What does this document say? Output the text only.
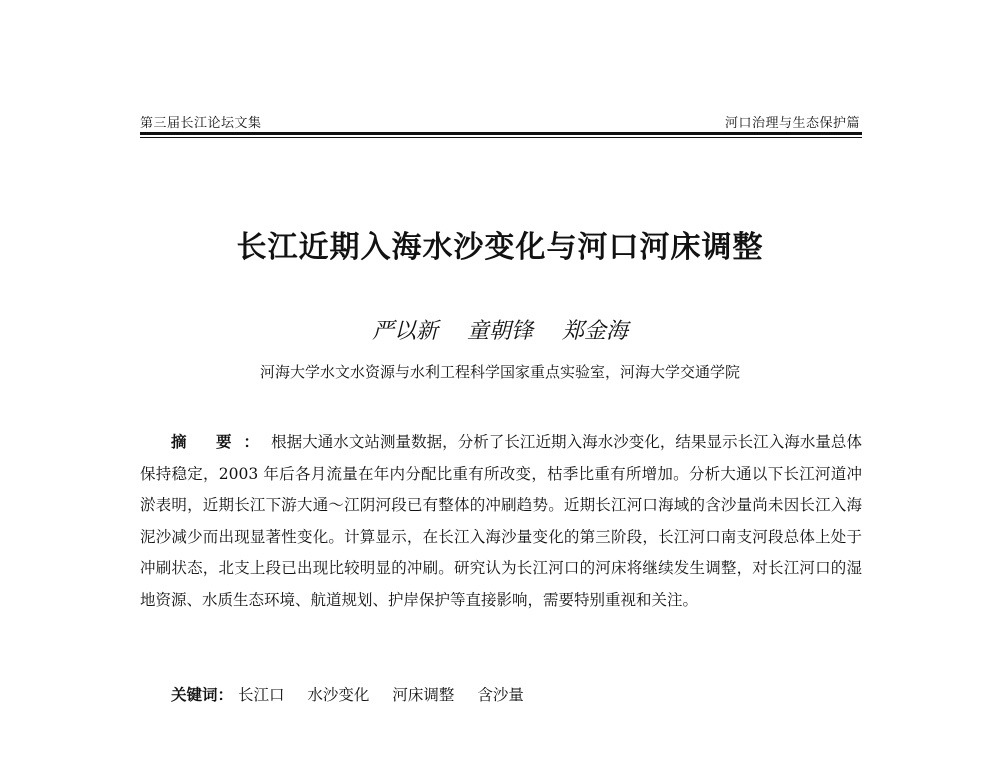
第三届长江论坛文集	河口治理与生态保护篇
长江近期入海水沙变化与河口河床调整
严以新 童朝锋 郑金海
河海大学水文水资源与水利工程科学国家重点实验室，河海大学交通学院
摘 要：根据大通水文站测量数据，分析了长江近期入海水沙变化，结果显示长江入海水量总体保持稳定，2003 年后各月流量在年内分配比重有所改变，枯季比重有所增加。分析大通以下长江河道冲淤表明，近期长江下游大通～江阴河段已有整体的冲刷趋势。近期长江河口海域的含沙量尚未因长江入海泥沙减少而出现显著性变化。计算显示，在长江入海沙量变化的第三阶段，长江河口南支河段总体上处于冲刷状态，北支上段已出现比较明显的冲刷。研究认为长江河口的河床将继续发生调整，对长江河口的湿地资源、水质生态环境、航道规划、护岸保护等直接影响，需要特别重视和关注。
关键词： 长江口 水沙变化 河床调整 含沙量
